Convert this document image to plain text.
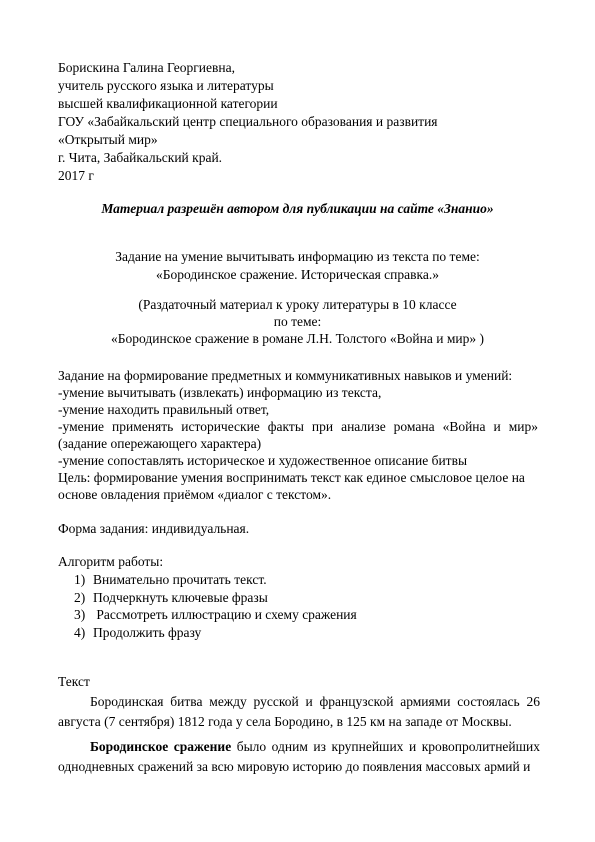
Борискина Галина Георгиевна,
учитель русского языка и литературы
высшей квалификационной категории
ГОУ «Забайкальский центр специального образования и развития
«Открытый мир»
г. Чита, Забайкальский край.
2017 г
Материал разрешён автором для публикации на сайте «Знанио»
Задание на умение вычитывать информацию из текста по теме:
«Бородинское сражение. Историческая справка.»
(Раздаточный материал к уроку литературы в 10 классе
по теме:
«Бородинское сражение в романе Л.Н. Толстого «Война и мир» )
Задание на формирование предметных и коммуникативных навыков и умений:
-умение вычитывать (извлекать) информацию из текста,
-умение находить правильный ответ,
-умение применять исторические факты при анализе романа «Война и мир»
(задание опережающего характера)
-умение сопоставлять историческое и художественное описание битвы
Цель: формирование умения воспринимать текст как единое смысловое целое на
основе овладения приёмом «диалог с текстом».
Форма задания: индивидуальная.
Алгоритм работы:
1) Внимательно прочитать текст.
2) Подчеркнуть ключевые фразы
3) Рассмотреть иллюстрацию и схему сражения
4) Продолжить фразу
Текст
Бородинская битва между русской и французской армиями состоялась 26 августа (7 сентября) 1812 года у села Бородино, в 125 км на западе от Москвы.
Бородинское сражение было одним из крупнейших и кровопролитнейших однодневных сражений за всю мировую историю до появления массовых армий и
